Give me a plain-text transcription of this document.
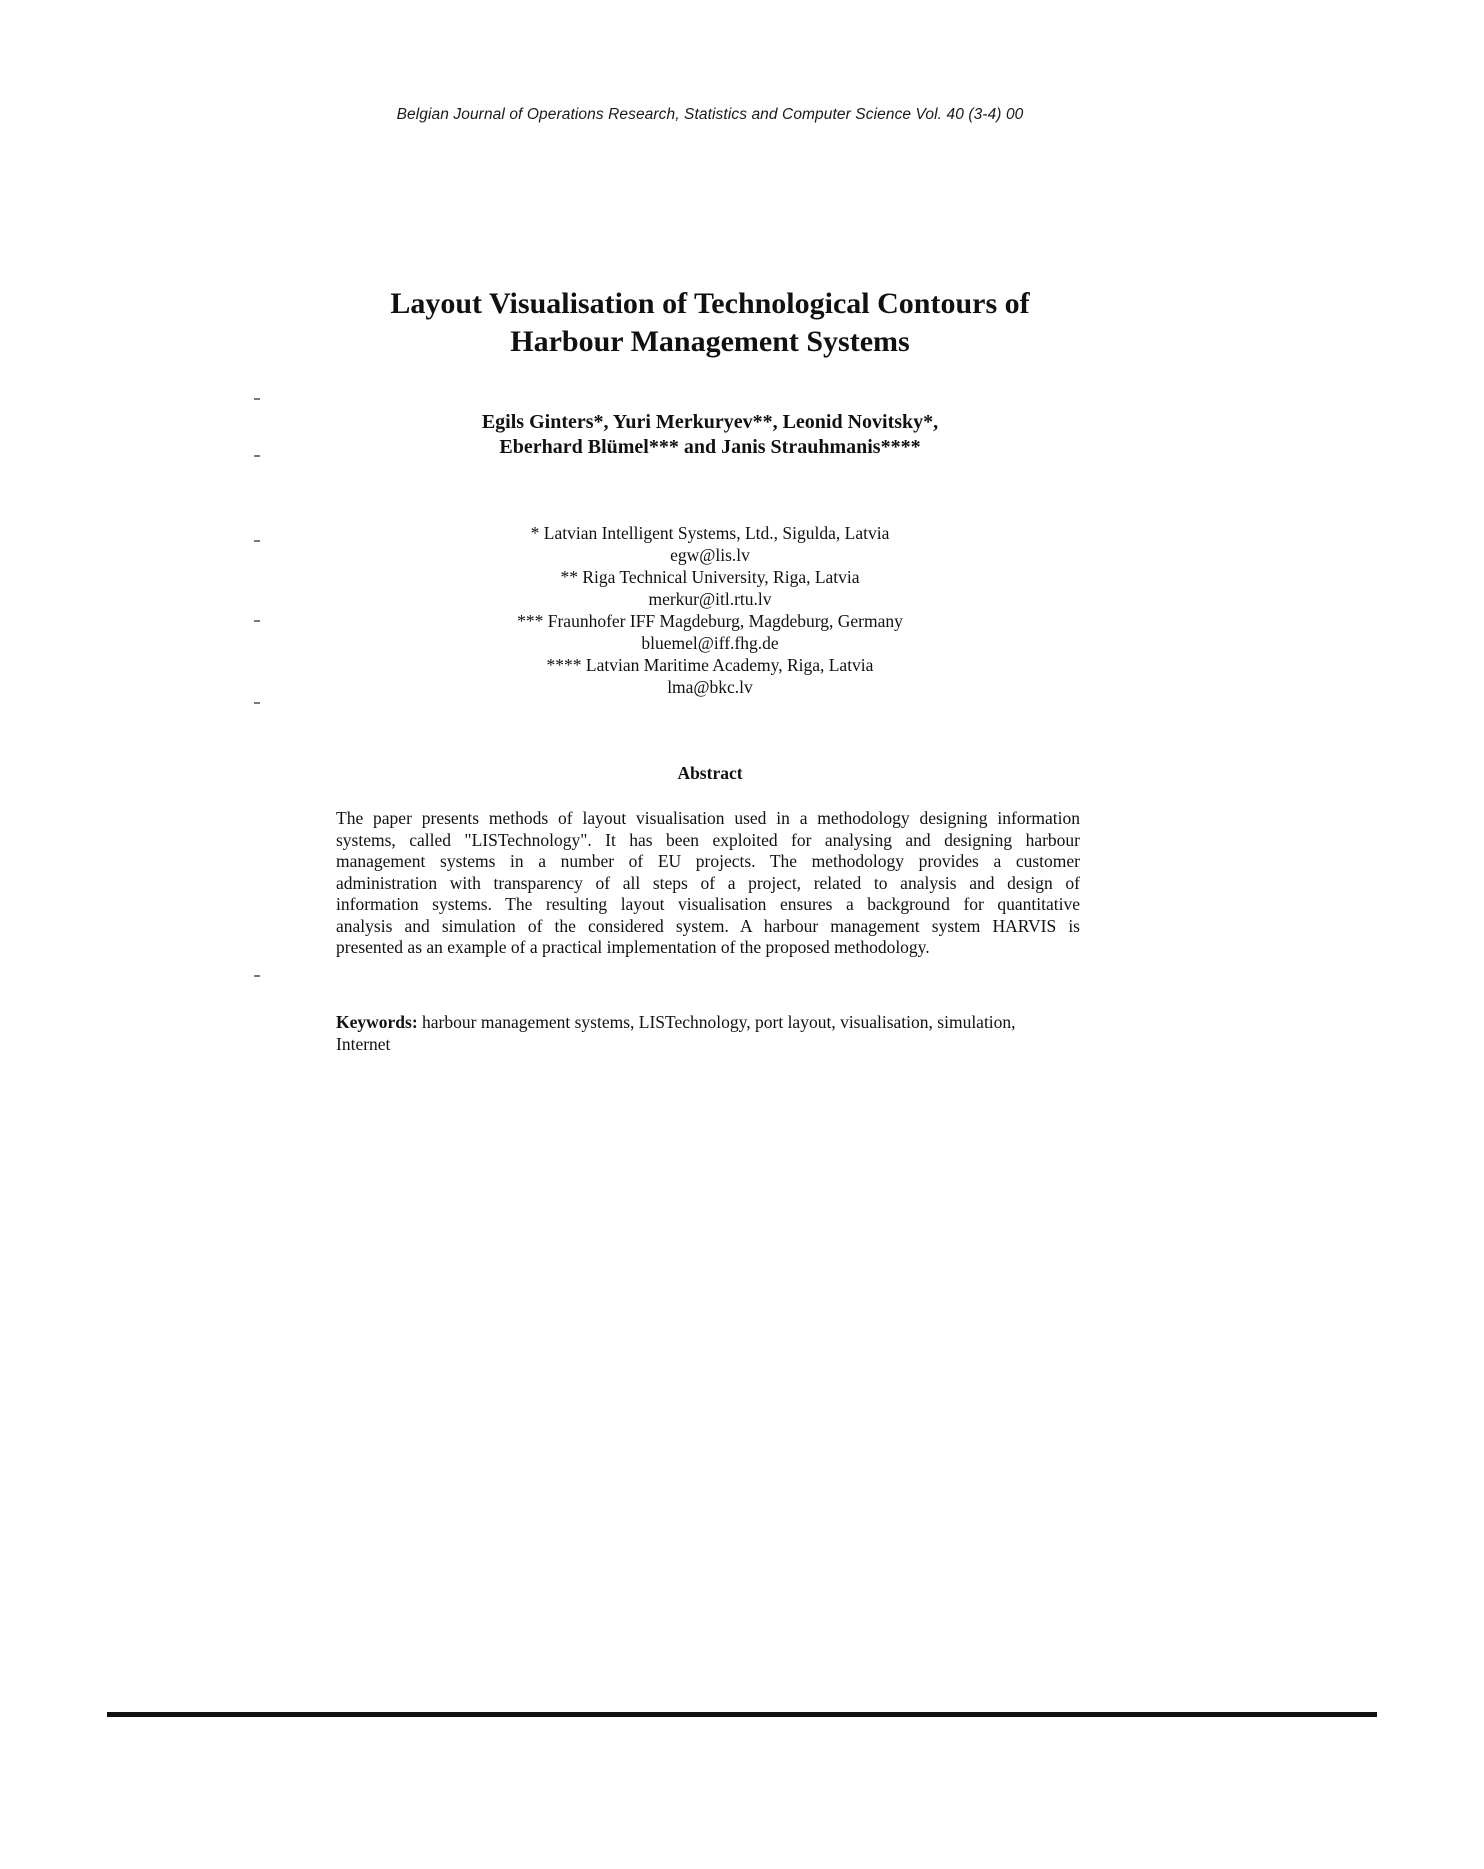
Belgian Journal of Operations Research, Statistics and Computer Science Vol. 40 (3-4) 00
Layout Visualisation of Technological Contours of
Harbour Management Systems
Egils Ginters*, Yuri Merkuryev**, Leonid Novitsky*,
Eberhard Blümel*** and Janis Strauhmanis****
* Latvian Intelligent Systems, Ltd., Sigulda, Latvia
egw@lis.lv
** Riga Technical University, Riga, Latvia
merkur@itl.rtu.lv
*** Fraunhofer IFF Magdeburg, Magdeburg, Germany
bluemel@iff.fhg.de
**** Latvian Maritime Academy, Riga, Latvia
lma@bkc.lv
Abstract
The paper presents methods of layout visualisation used in a methodology designing information
systems, called "LISTechnology". It has been exploited for analysing and designing harbour
management systems in a number of EU projects. The methodology provides a customer
administration with transparency of all steps of a project, related to analysis and design of
information systems. The resulting layout visualisation ensures a background for quantitative
analysis and simulation of the considered system. A harbour management system HARVIS is
presented as an example of a practical implementation of the proposed methodology.
Keywords: harbour management systems, LISTechnology, port layout, visualisation, simulation,
Internet
